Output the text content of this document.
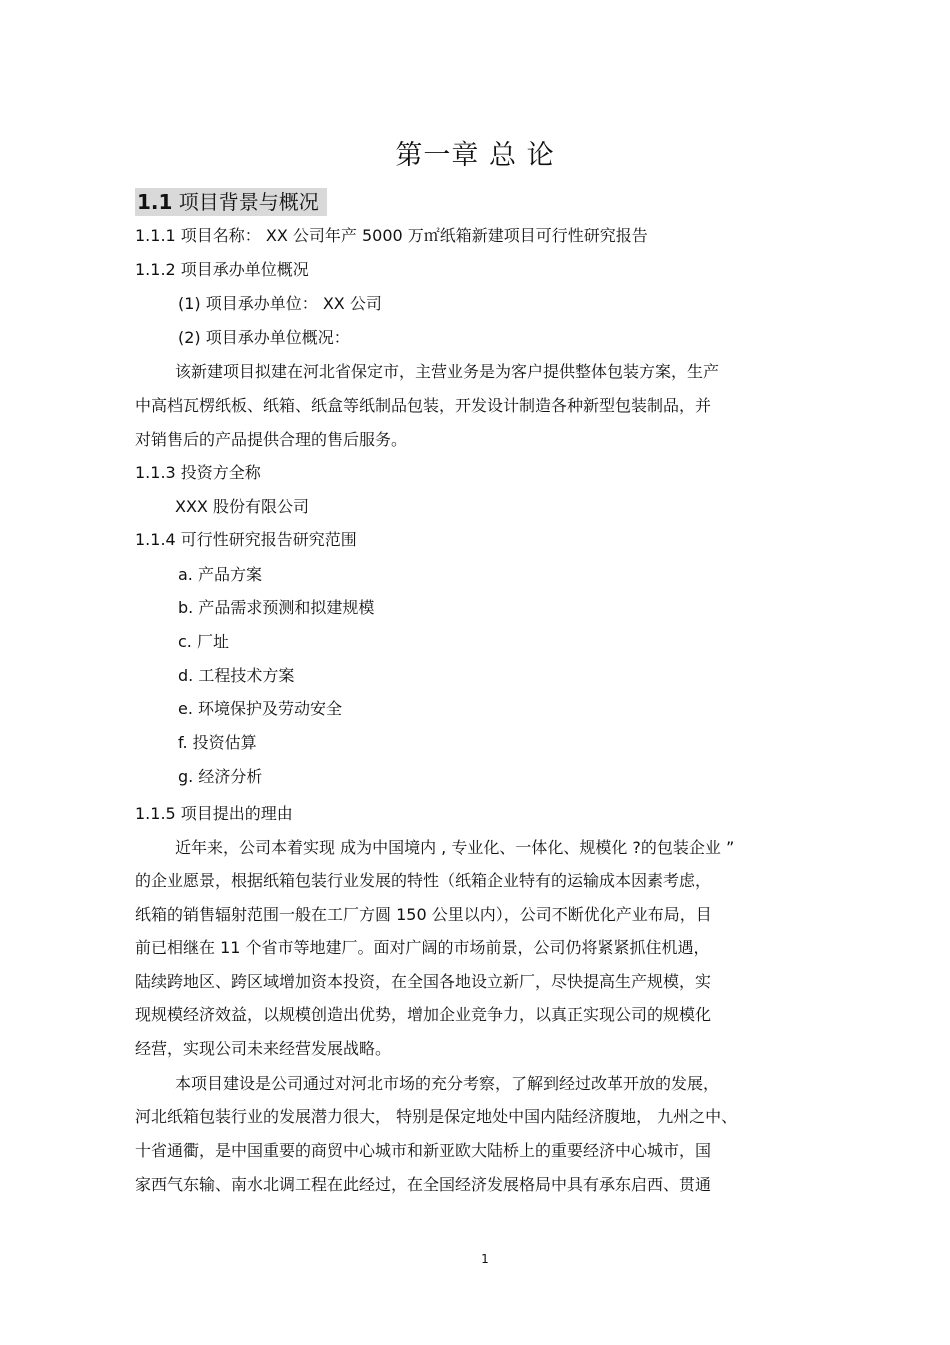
第一章 总 论
1.1 项目背景与概况
1.1.1 项目名称： XX 公司年产 5000 万㎡纸箱新建项目可行性研究报告
1.1.2 项目承办单位概况
(1) 项目承办单位： XX 公司
(2) 项目承办单位概况：
该新建项目拟建在河北省保定市，主营业务是为客户提供整体包装方案，生产
中高档瓦楞纸板、纸箱、纸盒等纸制品包装，开发设计制造各种新型包装制品，并
对销售后的产品提供合理的售后服务。
1.1.3 投资方全称
XXX 股份有限公司
1.1.4 可行性研究报告研究范围
a. 产品方案
b. 产品需求预测和拟建规模
c. 厂址
d. 工程技术方案
e. 环境保护及劳动安全
f. 投资估算
g. 经济分析
1.1.5 项目提出的理由
近年来，公司本着实现 成为中国境内 , 专业化、一体化、规模化 ?的包装企业 ”
的企业愿景，根据纸箱包装行业发展的特性（纸箱企业特有的运输成本因素考虑，
纸箱的销售辐射范围一般在工厂方圆 150 公里以内），公司不断优化产业布局，目
前已相继在 11 个省市等地建厂。面对广阔的市场前景，公司仍将紧紧抓住机遇，
陆续跨地区、跨区域增加资本投资，在全国各地设立新厂，尽快提高生产规模，实
现规模经济效益，以规模创造出优势，增加企业竞争力，以真正实现公司的规模化
经营，实现公司未来经营发展战略。
本项目建设是公司通过对河北市场的充分考察，了解到经过改革开放的发展，
河北纸箱包装行业的发展潜力很大， 特别是保定地处中国内陆经济腹地， 九州之中、
十省通衢，是中国重要的商贸中心城市和新亚欧大陆桥上的重要经济中心城市，国
家西气东输、南水北调工程在此经过，在全国经济发展格局中具有承东启西、贯通
1
